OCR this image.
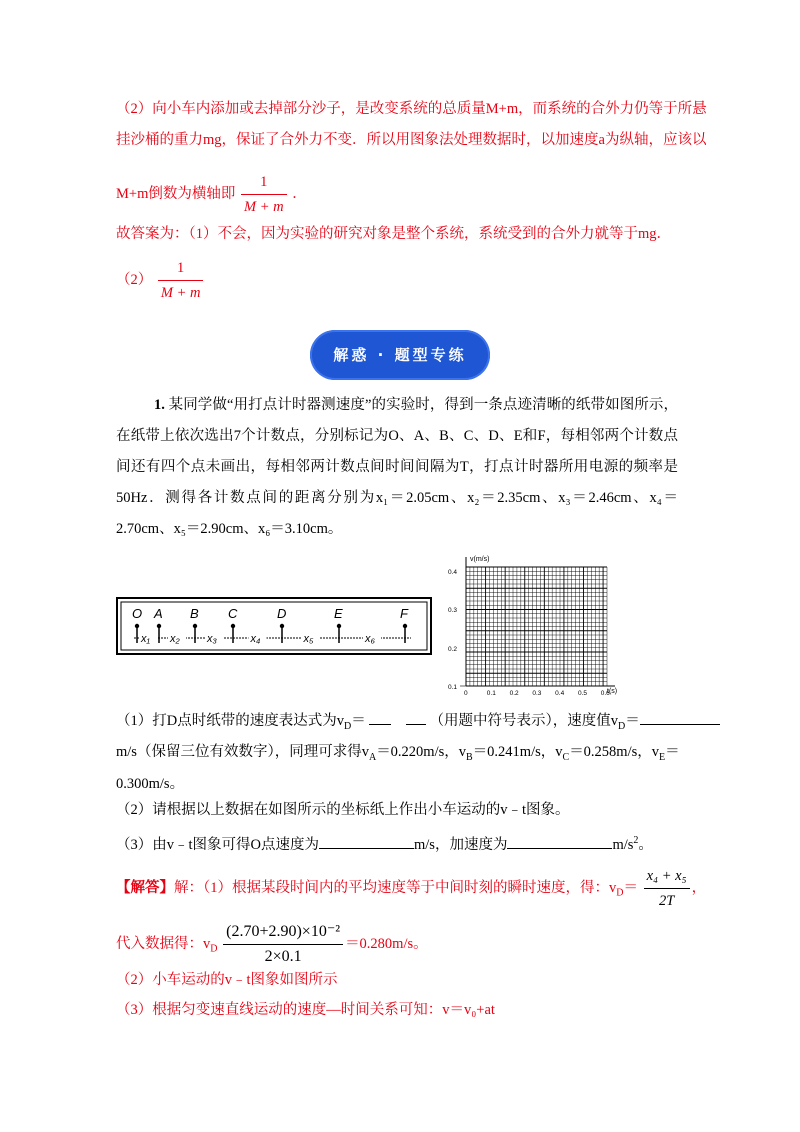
（2）向小车内添加或去掉部分沙子，是改变系统的总质量M+m，而系统的合外力仍等于所悬
挂沙桶的重力mg，保证了合外力不变．所以用图象法处理数据时，以加速度a为纵轴，应该以
M+m倒数为横轴即 $\frac{1}{M + m}$ ．
故答案为：（1）不会，因为实验的研究对象是整个系统，系统受到的合外力就等于mg．
$(2) \frac{1}{M + m}$
解惑 · 题型专练
1. 某同学做“用打点计时器测速度”的实验时，得到一条点迹清晰的纸带如图所示，在纸带上依次选出7个计数点，分别标记为O、A、B、C、D、E和F，每相邻两个计数点间还有四个点未画出，每相邻两计数点间时间间隔为T，打点计时器所用电源的频率是50Hz．测得各计数点间的距离分别为x₁＝2.05cm、x₂＝2.35cm、x₃＝2.46cm、x₄＝2.70cm、x₅＝2.90cm、x₆＝3.10cm。
O A B C	D	E	F
x₁ x₂ x₃	x₄	x₅	x₆
v(m/s)
t(s)
0.4
0.3
0.2
0.1
0	0.1 0.2 0.3 0.4 0.5 0.6
（1）打D点时纸带的速度表达式为$v_D=$	（用题中符号表示），速度值$v_D=$
m/s（保留三位有效数字），同理可求得$v_A=0.220m/s$，$v_B=0.241m/s$，$v_C=0.258m/s$，$v_E=$
0.300m/s。
（2）请根据以上数据在如图所示的坐标纸上作出小车运动的v﹣t图象。
（3）由v﹣t图象可得O点速度为	m/s，加速度为	$m/s^2$。
【解答】解：（1）根据某段时间内的平均速度等于中间时刻的瞬时速度，得：$v_D= \frac{\text{x₄ + x₅}}{2T}$ ，
代入数据得：$v_D \frac{\text{(2.70+2.90)×10⁻²}}{2\times 0.1} =0.280m/s$。
（2）小车运动的v﹣t图象如图所示
（3）根据匀变速直线运动的速度—时间关系可知：v＝v₀+at
